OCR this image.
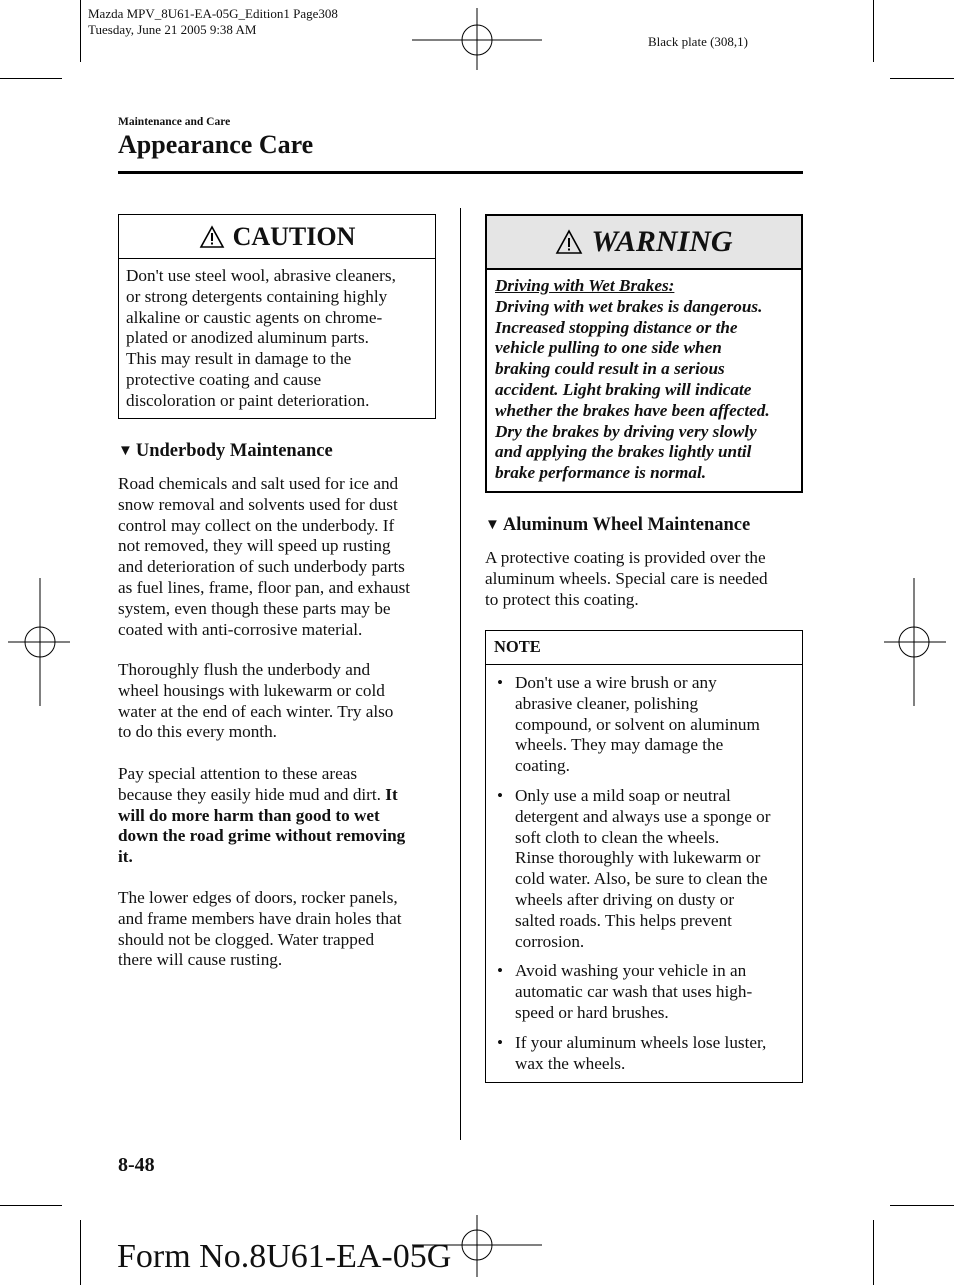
Mazda MPV_8U61-EA-05G_Edition1 Page308
Tuesday, June 21 2005 9:38 AM
Black plate (308,1)
Maintenance and Care
Appearance Care
CAUTION
Don't use steel wool, abrasive cleaners,
or strong detergents containing highly
alkaline or caustic agents on chrome-
plated or anodized aluminum parts.
This may result in damage to the
protective coating and cause
discoloration or paint deterioration.
▼ Underbody Maintenance
Road chemicals and salt used for ice and
snow removal and solvents used for dust
control may collect on the underbody. If
not removed, they will speed up rusting
and deterioration of such underbody parts
as fuel lines, frame, floor pan, and exhaust
system, even though these parts may be
coated with anti-corrosive material.
Thoroughly flush the underbody and
wheel housings with lukewarm or cold
water at the end of each winter. Try also
to do this every month.
Pay special attention to these areas
because they easily hide mud and dirt. It
will do more harm than good to wet
down the road grime without removing
it.
The lower edges of doors, rocker panels,
and frame members have drain holes that
should not be clogged. Water trapped
there will cause rusting.
WARNING
Driving with Wet Brakes:
Driving with wet brakes is dangerous.
Increased stopping distance or the
vehicle pulling to one side when
braking could result in a serious
accident. Light braking will indicate
whether the brakes have been affected.
Dry the brakes by driving very slowly
and applying the brakes lightly until
brake performance is normal.
▼ Aluminum Wheel Maintenance
A protective coating is provided over the
aluminum wheels. Special care is needed
to protect this coating.
NOTE
• Don't use a wire brush or any
abrasive cleaner, polishing
compound, or solvent on aluminum
wheels. They may damage the
coating.
• Only use a mild soap or neutral
detergent and always use a sponge or
soft cloth to clean the wheels.
Rinse thoroughly with lukewarm or
cold water. Also, be sure to clean the
wheels after driving on dusty or
salted roads. This helps prevent
corrosion.
• Avoid washing your vehicle in an
automatic car wash that uses high-
speed or hard brushes.
• If your aluminum wheels lose luster,
wax the wheels.
8-48
Form No.8U61-EA-05G
